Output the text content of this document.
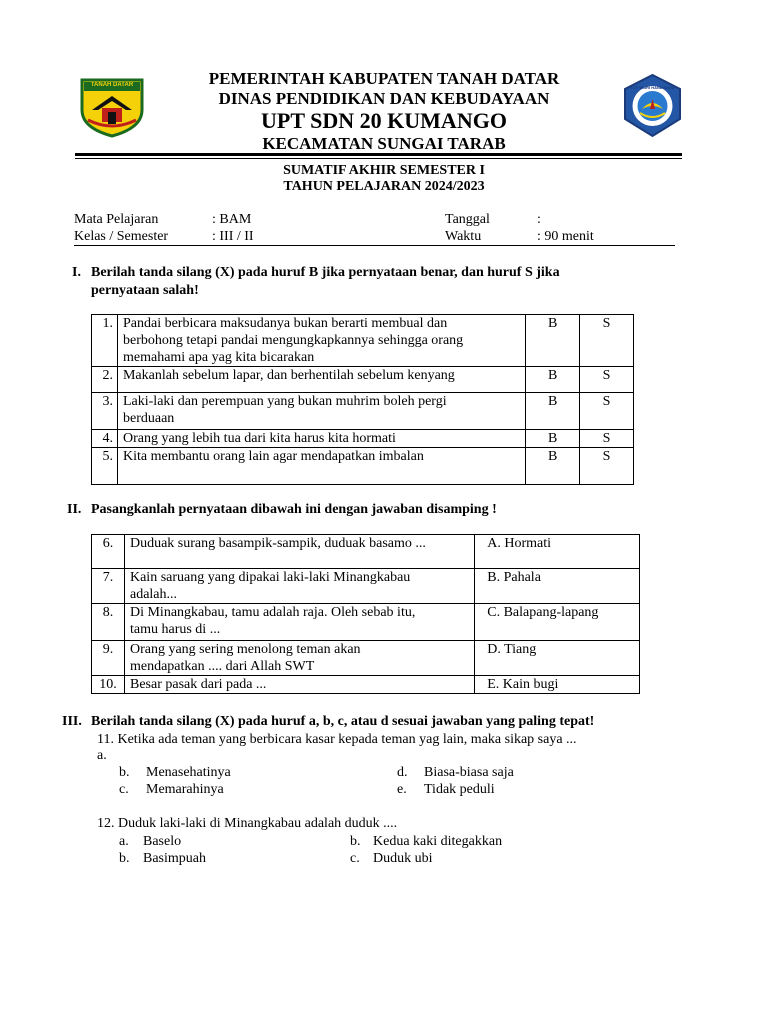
TANAH DATAR	TUT WURI HANDAYANI
PEMERINTAH KABUPATEN TANAH DATAR
DINAS PENDIDIKAN DAN KEBUDAYAAN
UPT SDN 20 KUMANGO
KECAMATAN SUNGAI TARAB
SUMATIF AKHIR SEMESTER I
TAHUN PELAJARAN 2024/2023
Mata Pelajaran	: BAM	Tanggal	:
Kelas / Semester	: III / II	Waktu	: 90 menit
I. Berilah tanda silang (X) pada huruf B jika pernyataan benar, dan huruf S jika
pernyataan salah!
1.	Pandai berbicara maksudanya bukan berarti membual dan
berbohong tetapi pandai mengungkapkannya sehingga orang
memahami apa yag kita bicarakan	B	S
2.	Makanlah sebelum lapar, dan berhentilah sebelum kenyang	B	S
3.	Laki-laki dan perempuan yang bukan muhrim boleh pergi
berduaan	B	S
4.	Orang yang lebih tua dari kita harus kita hormati	B	S
5.	Kita membantu orang lain agar mendapatkan imbalan	B	S
II. Pasangkanlah pernyataan dibawah ini dengan jawaban disamping !
6.	Duduak surang basampik-sampik, duduak basamo ...	A. Hormati
7.	Kain saruang yang dipakai laki-laki Minangkabau
adalah...	B. Pahala
8.	Di Minangkabau, tamu adalah raja. Oleh sebab itu,
tamu harus di ...	C. Balapang-lapang
9.	Orang yang sering menolong teman akan
mendapatkan .... dari Allah SWT	D. Tiang
10.	Besar pasak dari pada ...	E. Kain bugi
III. Berilah tanda silang (X) pada huruf a, b, c, atau d sesuai jawaban yang paling tepat!
11. Ketika ada teman yang berbicara kasar kepada teman yag lain, maka sikap saya ...
a.
b. Menasehatinya
c. Memarahinya
d. Biasa-biasa saja
e. Tidak peduli
12. Duduk laki-laki di Minangkabau adalah duduk ....
a. Baselo
b. Basimpuah
b. Kedua kaki ditegakkan
c. Duduk ubi
